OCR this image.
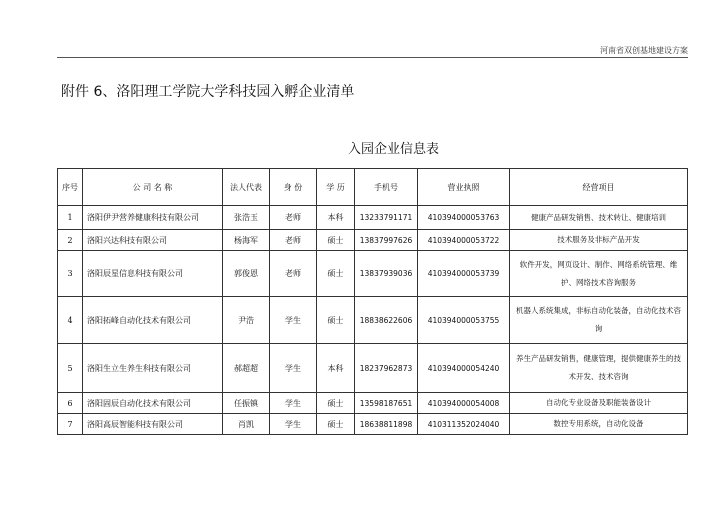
河南省双创基地建设方案
附件 6、洛阳理工学院大学科技园入孵企业清单
入园企业信息表
序号	公 司 名 称	法人代表	身 份	学 历	手机号	营业执照	经营项目
1	洛阳伊尹营养健康科技有限公司	张浩玉	老师	本科	13233791171	410394000053763	健康产品研发销售、技术转让、健康培训
2	洛阳兴达科技有限公司	杨海军	老师	硕士	13837997626	410394000053722	技术服务及非标产品开发
3	洛阳辰星信息科技有限公司	郭俊恩	老师	硕士	13837939036	410394000053739	软件开发，网页设计、制作、网络系统管理、维护、网络技术咨询服务
4	洛阳拓峰自动化技术有限公司	尹浩	学生	硕士	18838622606	410394000053755	机器人系统集成，非标自动化装备，自动化技术咨询
5	洛阳生立生养生科技有限公司	郝超超	学生	本科	18237962873	410394000054240	养生产品研发销售，健康管理，提供健康养生的技术开发、技术咨询
6	洛阳固辰自动化技术有限公司	任振镇	学生	硕士	13598187651	410394000054008	自动化专业设备及职能装备设计
7	洛阳高辰智能科技有限公司	肖凯	学生	硕士	18638811898	410311352024040	数控专用系统，自动化设备
